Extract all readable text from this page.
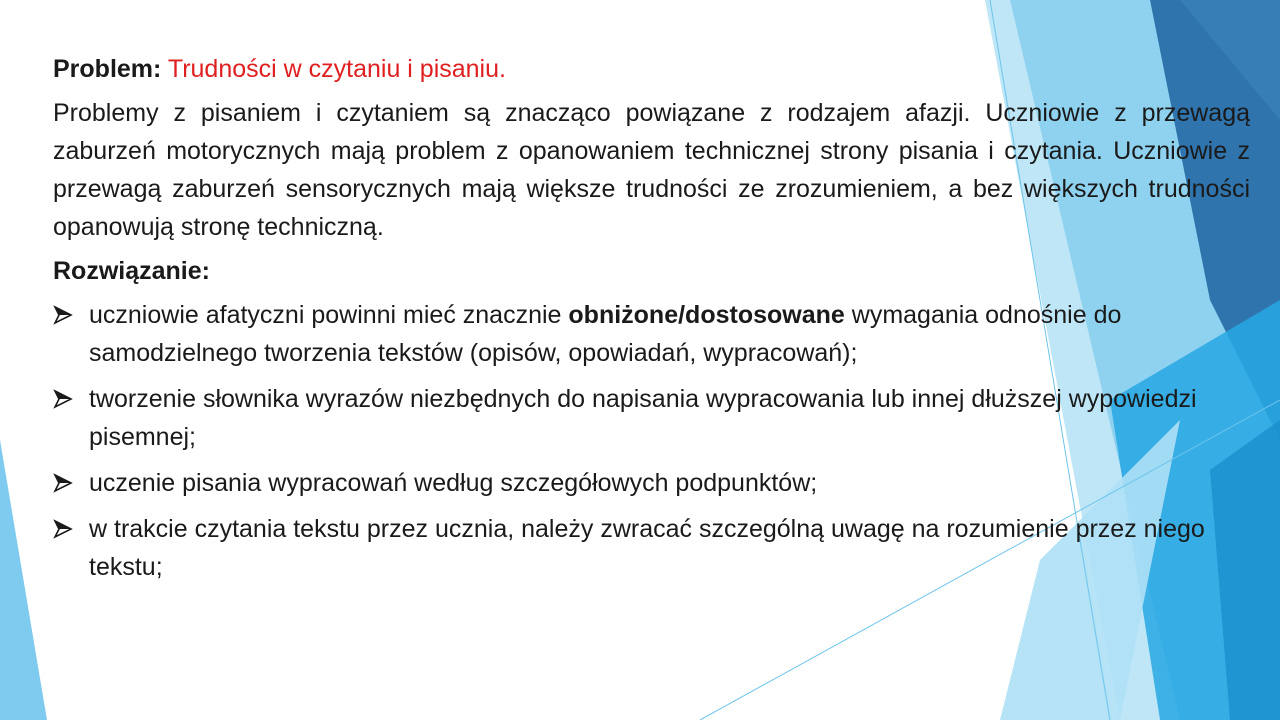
Problem: Trudności w czytaniu i pisaniu.

Problemy z pisaniem i czytaniem są znacząco powiązane z rodzajem afazji. Uczniowie z przewagą zaburzeń motorycznych mają problem z opanowaniem technicznej strony pisania i czytania. Uczniowie z przewagą zaburzeń sensorycznych mają większe trudności ze zrozumieniem, a bez większych trudności opanowują stronę techniczną.

Rozwiązanie:

uczniowie afatyczni powinni mieć znacznie obniżone/dostosowane wymagania odnośnie do samodzielnego tworzenia tekstów (opisów, opowiadań, wypracowań);
tworzenie słownika wyrazów niezbędnych do napisania wypracowania lub innej dłuższej wypowiedzi pisemnej;
uczenie pisania wypracowań według szczegółowych podpunktów;
w trakcie czytania tekstu przez ucznia, należy zwracać szczególną uwagę na rozumienie przez niego tekstu;
